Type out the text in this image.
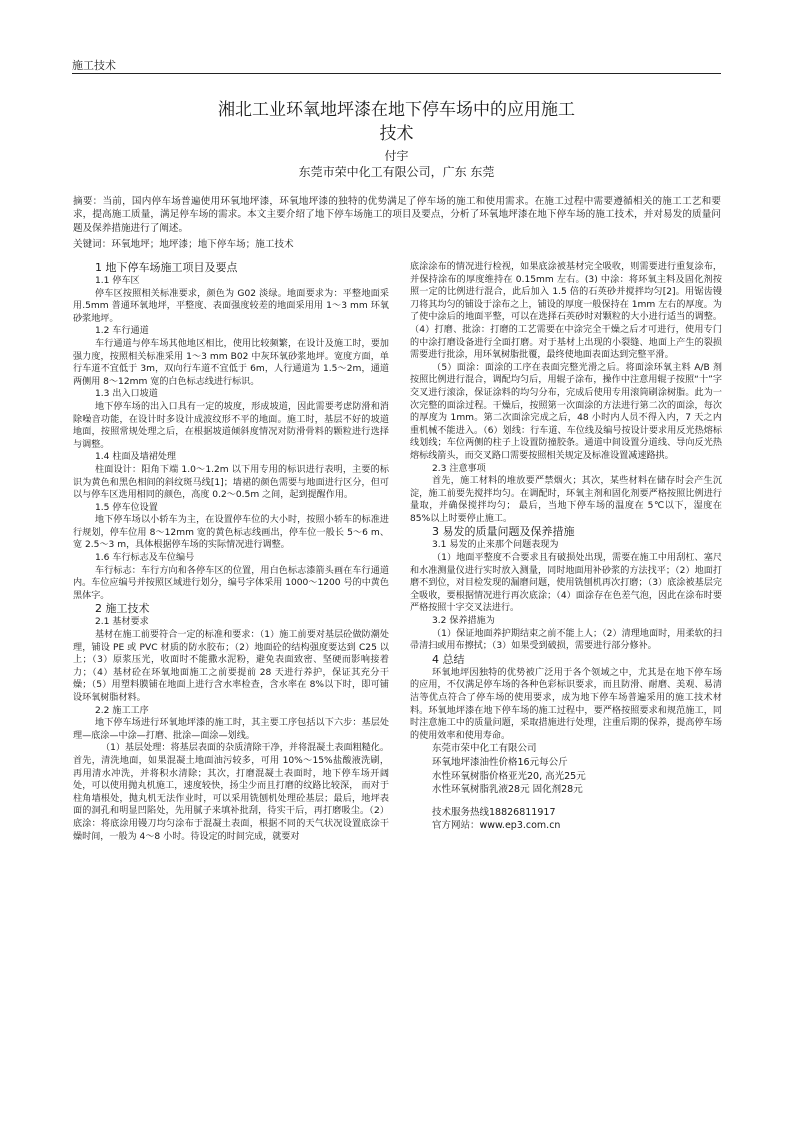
施工技术
湘北工业环氧地坪漆在地下停车场中的应用施工
技术
付宇
东莞市荣中化工有限公司，广东 东莞
摘要：当前，国内停车场普遍使用环氧地坪漆，环氧地坪漆的独特的优势满足了停车场的施工和使用需求。在施工过程中需要遵循相关的施工工艺和要求，提高施工质量，满足停车场的需求。本文主要介绍了地下停车场施工的项目及要点，分析了环氧地坪漆在地下停车场的施工技术，并对易发的质量问题及保养措施进行了阐述。
关键词：环氧地坪；地坪漆；地下停车场；施工技术

1 地下停车场施工项目及要点

1.1 停车区

停车区按照相关标准要求，颜色为 G02 淡绿。地面要求为：平整地面采用.5mm 普通环氧地坪，平整度、表面强度较差的地面采用用 1～3 mm 环氧砂浆地坪。

1.2 车行通道

车行通道与停车场其他地区相比，使用比较频繁，在设计及施工时，要加强力度，按照相关标准采用 1～3 mm B02 中灰环氧砂浆地坪。宽度方面，单行车道不宜低于 3m，双向行车道不宜低于 6m，人行通道为 1.5～2m，通道两侧用 8～12mm 宽的白色标志线进行标识。

1.3 出入口坡道

地下停车场的出入口具有一定的坡度，形成坡道，因此需要考虑防滑和消除噪音功能，在设计时多设计成波纹形不平的地面。施工时，基层不好的坡道地面，按照常规处理之后，在根据坡道倾斜度情况对防滑骨料的颗粒进行选择与调整。

1.4 柱面及墙裙处理

柱面设计：阳角下端 1.0～1.2m 以下用专用的标识进行表明，主要的标识为黄色和黑色相间的斜纹斑马线[1]；墙裙的颜色需要与地面进行区分，但可以与停车区选用相同的颜色，高度 0.2～0.5m 之间，起到提醒作用。

1.5 停车位设置

地下停车场以小轿车为主，在设置停车位的大小时，按照小轿车的标准进行规划，停车位用 8～12mm 宽的黄色标志线画出，停车位一般长 5～6 m、宽 2.5～3 m，具体根据停车场的实际情况进行调整。

1.6 车行标志及车位编号

车行标志：车行方向和各停车区的位置，用白色标志漆箭头画在车行通道内。车位应编号并按照区域进行划分，编号字体采用 1000～1200 号的中黄色黑体字。

2 施工技术

2.1 基材要求

基材在施工前要符合一定的标准和要求：（1）施工前要对基层砼做防潮处理，铺设 PE 或 PVC 材质的防水胶布；（2）地面砼的结构强度要达到 C25 以上；（3）原浆压光，收面时不能撒水泥粉，避免表面致密、坚硬而影响接着力；（4）基材砼在环氧地面施工之前要提前 28 天进行养护，保证其充分干燥；（5）用塑料膜铺在地面上进行含水率检查，含水率在 8%以下时，即可铺设环氧树脂材料。

2.2 施工工序

地下停车场进行环氧地坪漆的施工时，其主要工序包括以下六步：基层处理—底涂—中涂—打磨、批涂—面涂—划线。

（1）基层处理：将基层表面的杂质清除干净，并将混凝土表面粗糙化。首先，清洗地面，如果混凝土地面油污较多，可用 10%～15%盐酸液洗刷，再用清水冲洗，并将积水清除；其次，打磨混凝土表面时，地下停车场开阔处，可以使用抛丸机施工，速度较快，扬尘少而且打磨的纹路比较深， 而对于柱角墙根处，抛丸机无法作业时，可以采用铣刨机处理砼基层；最后，地坪表面的洞孔和明显凹陷处，先用腻子来填补批刮，待实干后，再打磨吸尘。（2）底涂：将底涂用镘刀均匀涂布于混凝土表面，根据不同的天气状况设置底涂干燥时间，一般为 4～8 小时。待设定的时间完成，就要对

底涂涂布的情况进行检视，如果底涂被基材完全吸收，则需要进行重复涂布，并保持涂布的厚度维持在 0.15mm 左右。(3) 中涂：将环氧主料及固化剂按照一定的比例进行混合，此后加入 1.5 倍的石英砂并搅拌均匀[2]。用锯齿镘刀将其均匀的铺设于涂布之上，铺设的厚度一般保持在 1mm 左右的厚度。为了使中涂后的地面平整，可以在选择石英砂时对颗粒的大小进行适当的调整。（4）打磨、批涂：打磨的工艺需要在中涂完全干燥之后才可进行，使用专门的中涂打磨设备进行全面打磨。对于基材上出现的小裂缝、地面上产生的裂损需要进行批涂，用环氧树脂批覆，最终使地面表面达到完整平滑。

（5）面涂：面涂的工序在表面完整光滑之后。将面涂环氧主料 A/B 剂按照比例进行混合，调配均匀后，用辊子涂布，操作中注意用辊子按照“十”字交叉进行滚涂，保证涂料的均匀分布，完成后使用专用滚筒刷涂树脂。此为一次完整的面涂过程。干燥后，按照第一次面涂的方法进行第二次的面涂，每次的厚度为 1mm。第二次面涂完成之后，48 小时内人员不得入内，7 天之内重机械不能进入。（6）划线：行车道、车位线及编号按设计要求用反光热熔标线划线；车位两侧的柱子上设置防撞胶条。通道中间设置分道线、导向反光热熔标线箭头，而交叉路口需要按照相关规定及标准设置减速路拱。

2.3 注意事项

首先，施工材料的堆放要严禁烟火；其次，某些材料在储存时会产生沉淀，施工前要先搅拌均匀。在调配时，环氧主剂和固化剂要严格按照比例进行量取，并确保搅拌均匀； 最后，当地下停车场的温度在 5℃以下，湿度在 85%以上时要停止施工。

3 易发的质量问题及保养措施

3.1 易发的止来那个问题表现为

（1）地面平整度不合要求且有破损处出现，需要在施工中用刮杠、塞尺和水准测量仪进行实时放入测量，同时地面用补砂浆的方法找平；（2）地面打磨不到位，对目检发现的漏磨问题，使用铣刨机再次打磨；（3）底涂被基层完全吸收，要根据情况进行再次底涂；（4）面涂存在色差气泡，因此在涂布时要严格按照十字交叉法进行。

3.2 保养措施为

（1）保证地面养护期结束之前不能上人；（2）清理地面时，用柔软的扫帚清扫或用布擦拭；（3）如果受到破损，需要进行部分修补。

4 总结

环氧地坪因独特的优势被广泛用于各个领域之中，尤其是在地下停车场的应用，不仅满足停车场的各种色彩标识要求，而且防滑、耐磨、美观、易清洁等优点符合了停车场的使用要求，成为地下停车场普遍采用的施工技术材料。环氧地坪漆在地下停车场的施工过程中，要严格按照要求和规范施工，同时注意施工中的质量问题，采取措施进行处理，注重后期的保养，提高停车场的使用效率和使用寿命。

东莞市荣中化工有限公司

环氧地坪漆油性价格16元每公斤

水性环氧树脂价格亚光20, 高光25元

水性环氧树脂乳液28元 固化剂28元

技术服务热线18826811917

官方网站：www.ep3.com.cn
